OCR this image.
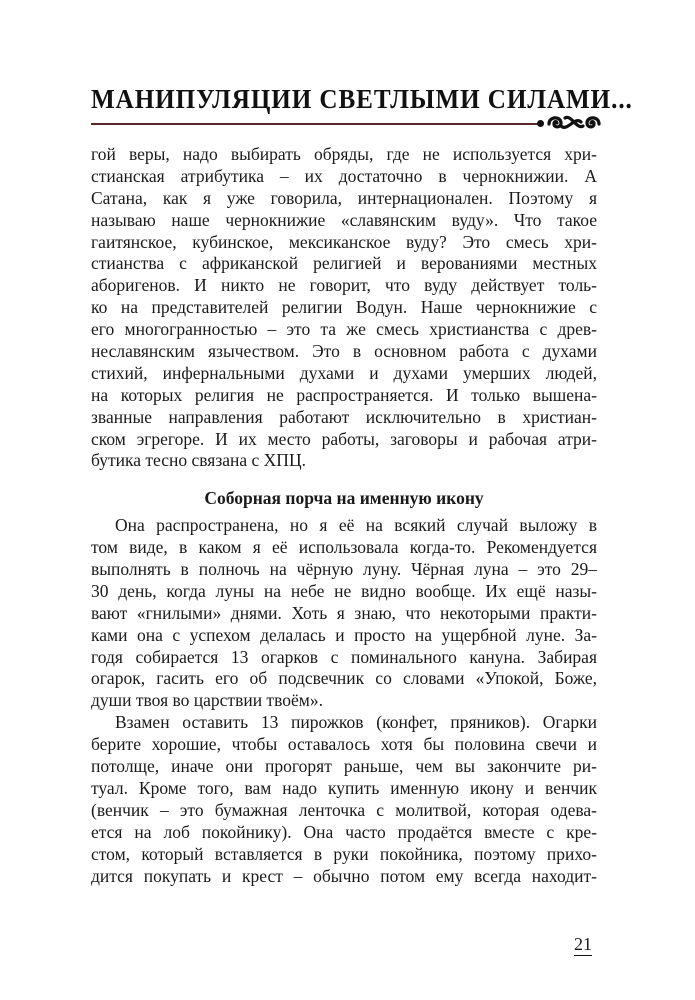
МАНИПУЛЯЦИИ СВЕТЛЫМИ СИЛАМИ...
гой веры, надо выбирать обряды, где не используется хри-
стианская атрибутика – их достаточно в чернокнижии. А
Сатана, как я уже говорила, интернационален. Поэтому я
называю наше чернокнижие «славянским вуду». Что такое
гаитянское, кубинское, мексиканское вуду? Это смесь хри-
стианства с африканской религией и верованиями местных
аборигенов. И никто не говорит, что вуду действует толь-
ко на представителей религии Водун. Наше чернокнижие с
его многогранностью – это та же смесь христианства с древ-
неславянским язычеством. Это в основном работа с духами
стихий, инфернальными духами и духами умерших людей,
на которых религия не распространяется. И только вышена-
званные направления работают исключительно в христиан-
ском эгрегоре. И их место работы, заговоры и рабочая атри-
бутика тесно связана с ХПЦ.
Соборная порча на именную икону
Она распространена, но я её на всякий случай выложу в
том виде, в каком я её использовала когда-то. Рекомендуется
выполнять в полночь на чёрную луну. Чёрная луна – это 29–
30 день, когда луны на небе не видно вообще. Их ещё назы-
вают «гнилыми» днями. Хоть я знаю, что некоторыми практи-
ками она с успехом делалась и просто на ущербной луне. За-
годя собирается 13 огарков с поминального кануна. Забирая
огарок, гасить его об подсвечник со словами «Упокой, Боже,
души твоя во царствии твоём».
Взамен оставить 13 пирожков (конфет, пряников). Огарки
берите хорошие, чтобы оставалось хотя бы половина свечи и
потолще, иначе они прогорят раньше, чем вы закончите ри-
туал. Кроме того, вам надо купить именную икону и венчик
(венчик – это бумажная ленточка с молитвой, которая одева-
ется на лоб покойнику). Она часто продаётся вместе с кре-
стом, который вставляется в руки покойника, поэтому прихо-
дится покупать и крест – обычно потом ему всегда находит-
21
